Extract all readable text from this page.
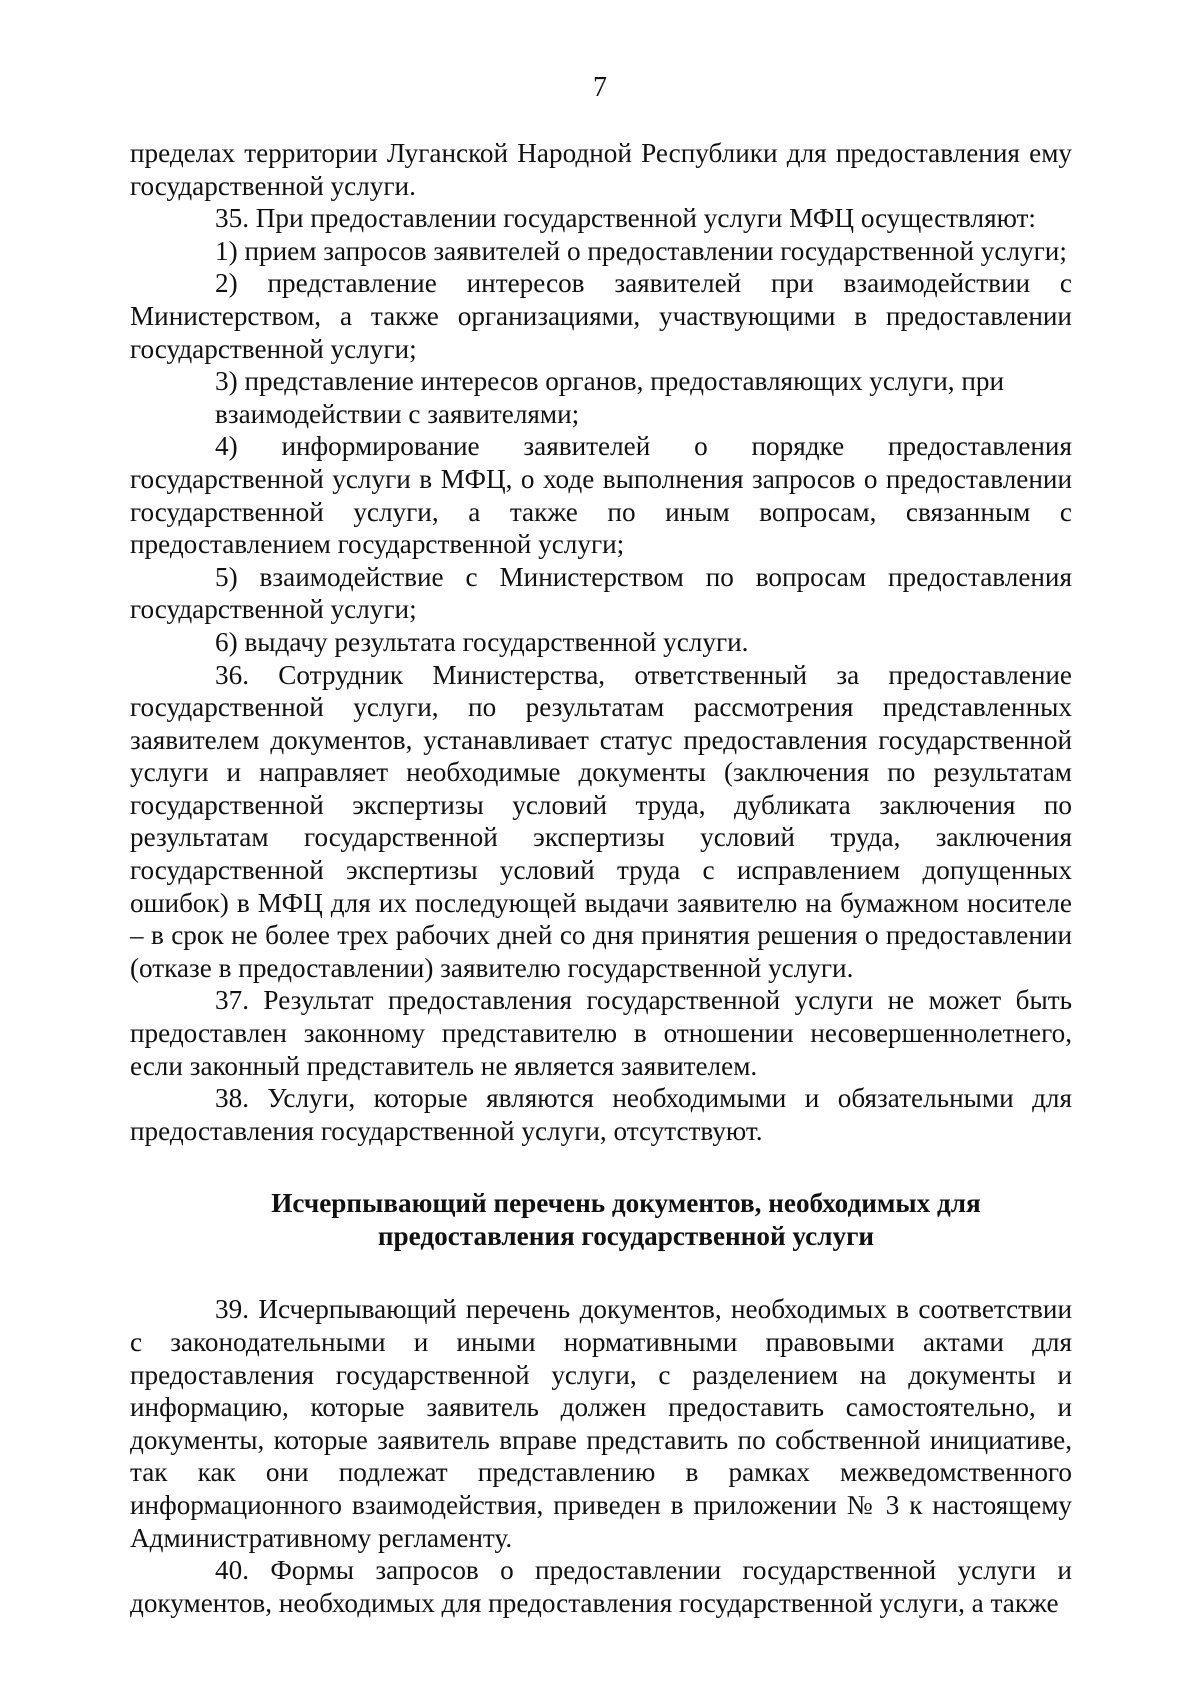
7

пределах территории Луганской Народной Республики для предоставления ему государственной услуги.

35. При предоставлении государственной услуги МФЦ осуществляют:

1) прием запросов заявителей о предоставлении государственной услуги;

2) представление интересов заявителей при взаимодействии с Министерством, а также организациями, участвующими в предоставлении государственной услуги;

3) представление интересов органов, предоставляющих услуги, при взаимодействии с заявителями;

4) информирование заявителей о порядке предоставления государственной услуги в МФЦ, о ходе выполнения запросов о предоставлении государственной услуги, а также по иным вопросам, связанным с предоставлением государственной услуги;

5) взаимодействие с Министерством по вопросам предоставления государственной услуги;

6) выдачу результата государственной услуги.

36. Сотрудник Министерства, ответственный за предоставление государственной услуги, по результатам рассмотрения представленных заявителем документов, устанавливает статус предоставления государственной услуги и направляет необходимые документы (заключения по результатам государственной экспертизы условий труда, дубликата заключения по результатам государственной экспертизы условий труда, заключения государственной экспертизы условий труда с исправлением допущенных ошибок) в МФЦ для их последующей выдачи заявителю на бумажном носителе – в срок не более трех рабочих дней со дня принятия решения о предоставлении (отказе в предоставлении) заявителю государственной услуги.

37. Результат предоставления государственной услуги не может быть предоставлен законному представителю в отношении несовершеннолетнего, если законный представитель не является заявителем.

38. Услуги, которые являются необходимыми и обязательными для предоставления государственной услуги, отсутствуют.

Исчерпывающий перечень документов, необходимых для
предоставления государственной услуги

39. Исчерпывающий перечень документов, необходимых в соответствии с законодательными и иными нормативными правовыми актами для предоставления государственной услуги, с разделением на документы и информацию, которые заявитель должен предоставить самостоятельно, и документы, которые заявитель вправе представить по собственной инициативе, так как они подлежат представлению в рамках межведомственного информационного взаимодействия, приведен в приложении № 3 к настоящему Административному регламенту.

40. Формы запросов о предоставлении государственной услуги и документов, необходимых для предоставления государственной услуги, а также
